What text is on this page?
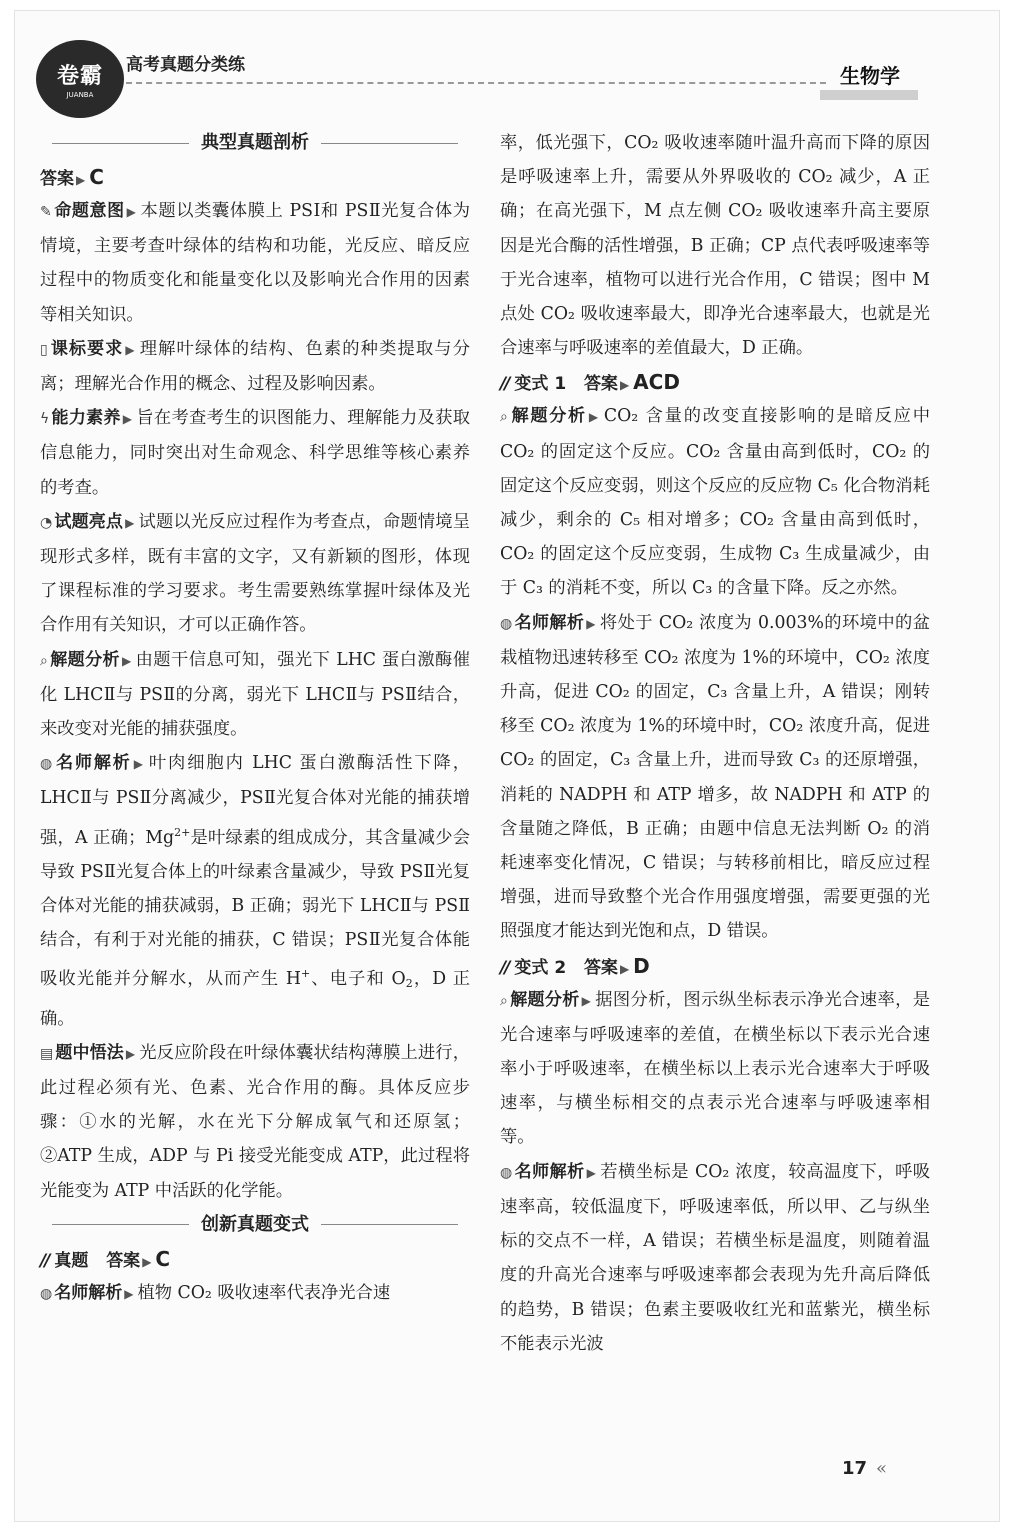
卷霸
JUANBA
高考真题分类练	生物学
典型真题剖析
答案 ▶ C

✎ 命题意图 ▶ 本题以类囊体膜上 PSⅠ和 PSⅡ光复合体为情境，主要考查叶绿体的结构和功能，光反应、暗反应过程中的物质变化和能量变化以及影响光合作用的因素等相关知识。

▯ 课标要求 ▶ 理解叶绿体的结构、色素的种类提取与分离；理解光合作用的概念、过程及影响因素。

ϟ 能力素养 ▶ 旨在考查考生的识图能力、理解能力及获取信息能力，同时突出对生命观念、科学思维等核心素养的考查。

◔ 试题亮点 ▶ 试题以光反应过程作为考查点，命题情境呈现形式多样，既有丰富的文字，又有新颖的图形，体现了课程标准的学习要求。考生需要熟练掌握叶绿体及光合作用有关知识，才可以正确作答。

⌕ 解题分析 ▶ 由题干信息可知，强光下 LHC 蛋白激酶催化 LHCⅡ与 PSⅡ的分离，弱光下 LHCⅡ与 PSⅡ结合，来改变对光能的捕获强度。

◍ 名师解析 ▶ 叶肉细胞内 LHC 蛋白激酶活性下降，LHCⅡ与 PSⅡ分离减少，PSⅡ光复合体对光能的捕获增强，A 正确；$Mg^{2+}$是叶绿素的组成成分，其含量减少会导致 PSⅡ光复合体上的叶绿素含量减少，导致 PSⅡ光复合体对光能的捕获减弱，B 正确；弱光下 LHCⅡ与 PSⅡ结合，有利于对光能的捕获，C 错误；PSⅡ光复合体能吸收光能并分解水，从而产生 H+、电子和 O2，D 正确。

▤ 题中悟法 ▶ 光反应阶段在叶绿体囊状结构薄膜上进行，此过程必须有光、色素、光合作用的酶。具体反应步骤：①水的光解，水在光下分解成氧气和还原氢；②ATP 生成，ADP 与 Pi 接受光能变成 ATP，此过程将光能变为 ATP 中活跃的化学能。

创新真题变式
// 真题 答案 ▶ C

◍ 名师解析 ▶ 植物 CO₂ 吸收速率代表净光合速

率，低光强下，CO₂ 吸收速率随叶温升高而下降的原因是呼吸速率上升，需要从外界吸收的 CO₂ 减少，A 正确；在高光强下，M 点左侧 CO₂ 吸收速率升高主要原因是光合酶的活性增强，B 正确；CP 点代表呼吸速率等于光合速率，植物可以进行光合作用，C 错误；图中 M 点处 CO₂ 吸收速率最大，即净光合速率最大，也就是光合速率与呼吸速率的差值最大，D 正确。

// 变式 1 答案 ▶ ACD

⌕ 解题分析 ▶ CO₂ 含量的改变直接影响的是暗反应中 CO₂ 的固定这个反应。CO₂ 含量由高到低时，CO₂ 的固定这个反应变弱，则这个反应的反应物 C₅ 化合物消耗减少，剩余的 C₅ 相对增多；CO₂ 含量由高到低时，CO₂ 的固定这个反应变弱，生成物 C₃ 生成量减少，由于 C₃ 的消耗不变，所以 C₃ 的含量下降。反之亦然。

◍ 名师解析 ▶ 将处于 CO₂ 浓度为 0.003%的环境中的盆栽植物迅速转移至 CO₂ 浓度为 1%的环境中，CO₂ 浓度升高，促进 CO₂ 的固定，C₃ 含量上升，A 错误；刚转移至 CO₂ 浓度为 1%的环境中时，CO₂ 浓度升高，促进 CO₂ 的固定，C₃ 含量上升，进而导致 C₃ 的还原增强，消耗的 NADPH 和 ATP 增多，故 NADPH 和 ATP 的含量随之降低，B 正确；由题中信息无法判断 O₂ 的消耗速率变化情况，C 错误；与转移前相比，暗反应过程增强，进而导致整个光合作用强度增强，需要更强的光照强度才能达到光饱和点，D 错误。

// 变式 2 答案 ▶ D

⌕ 解题分析 ▶ 据图分析，图示纵坐标表示净光合速率，是光合速率与呼吸速率的差值，在横坐标以下表示光合速率小于呼吸速率，在横坐标以上表示光合速率大于呼吸速率，与横坐标相交的点表示光合速率与呼吸速率相等。

◍ 名师解析 ▶ 若横坐标是 CO₂ 浓度，较高温度下，呼吸速率高，较低温度下，呼吸速率低，所以甲、乙与纵坐标的交点不一样，A 错误；若横坐标是温度，则随着温度的升高光合速率与呼吸速率都会表现为先升高后降低的趋势，B 错误；色素主要吸收红光和蓝紫光，横坐标不能表示光波

17 «
